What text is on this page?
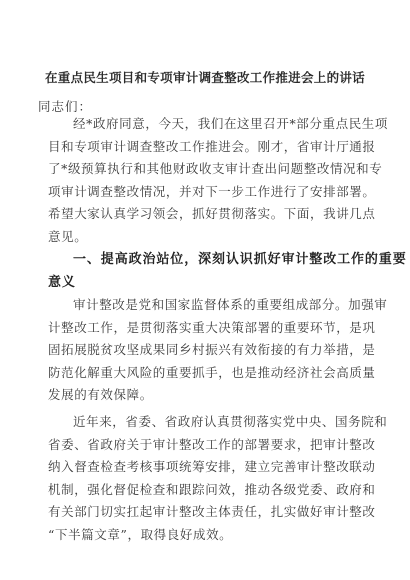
在重点民生项目和专项审计调查整改工作推进会上的讲话
同志们：
经*政府同意，今天，我们在这里召开*部分重点民生项
目和专项审计调查整改工作推进会。刚才，省审计厅通报
了*级预算执行和其他财政收支审计查出问题整改情况和专
项审计调查整改情况，并对下一步工作进行了安排部署。
希望大家认真学习领会，抓好贯彻落实。下面，我讲几点
意见。
一、提高政治站位，深刻认识抓好审计整改工作的重要
意义
审计整改是党和国家监督体系的重要组成部分。加强审
计整改工作，是贯彻落实重大决策部署的重要环节，是巩
固拓展脱贫攻坚成果同乡村振兴有效衔接的有力举措，是
防范化解重大风险的重要抓手，也是推动经济社会高质量
发展的有效保障。
近年来，省委、省政府认真贯彻落实党中央、国务院和
省委、省政府关于审计整改工作的部署要求，把审计整改
纳入督查检查考核事项统筹安排，建立完善审计整改联动
机制，强化督促检查和跟踪问效，推动各级党委、政府和
有关部门切实扛起审计整改主体责任，扎实做好审计整改
“下半篇文章”，取得良好成效。
